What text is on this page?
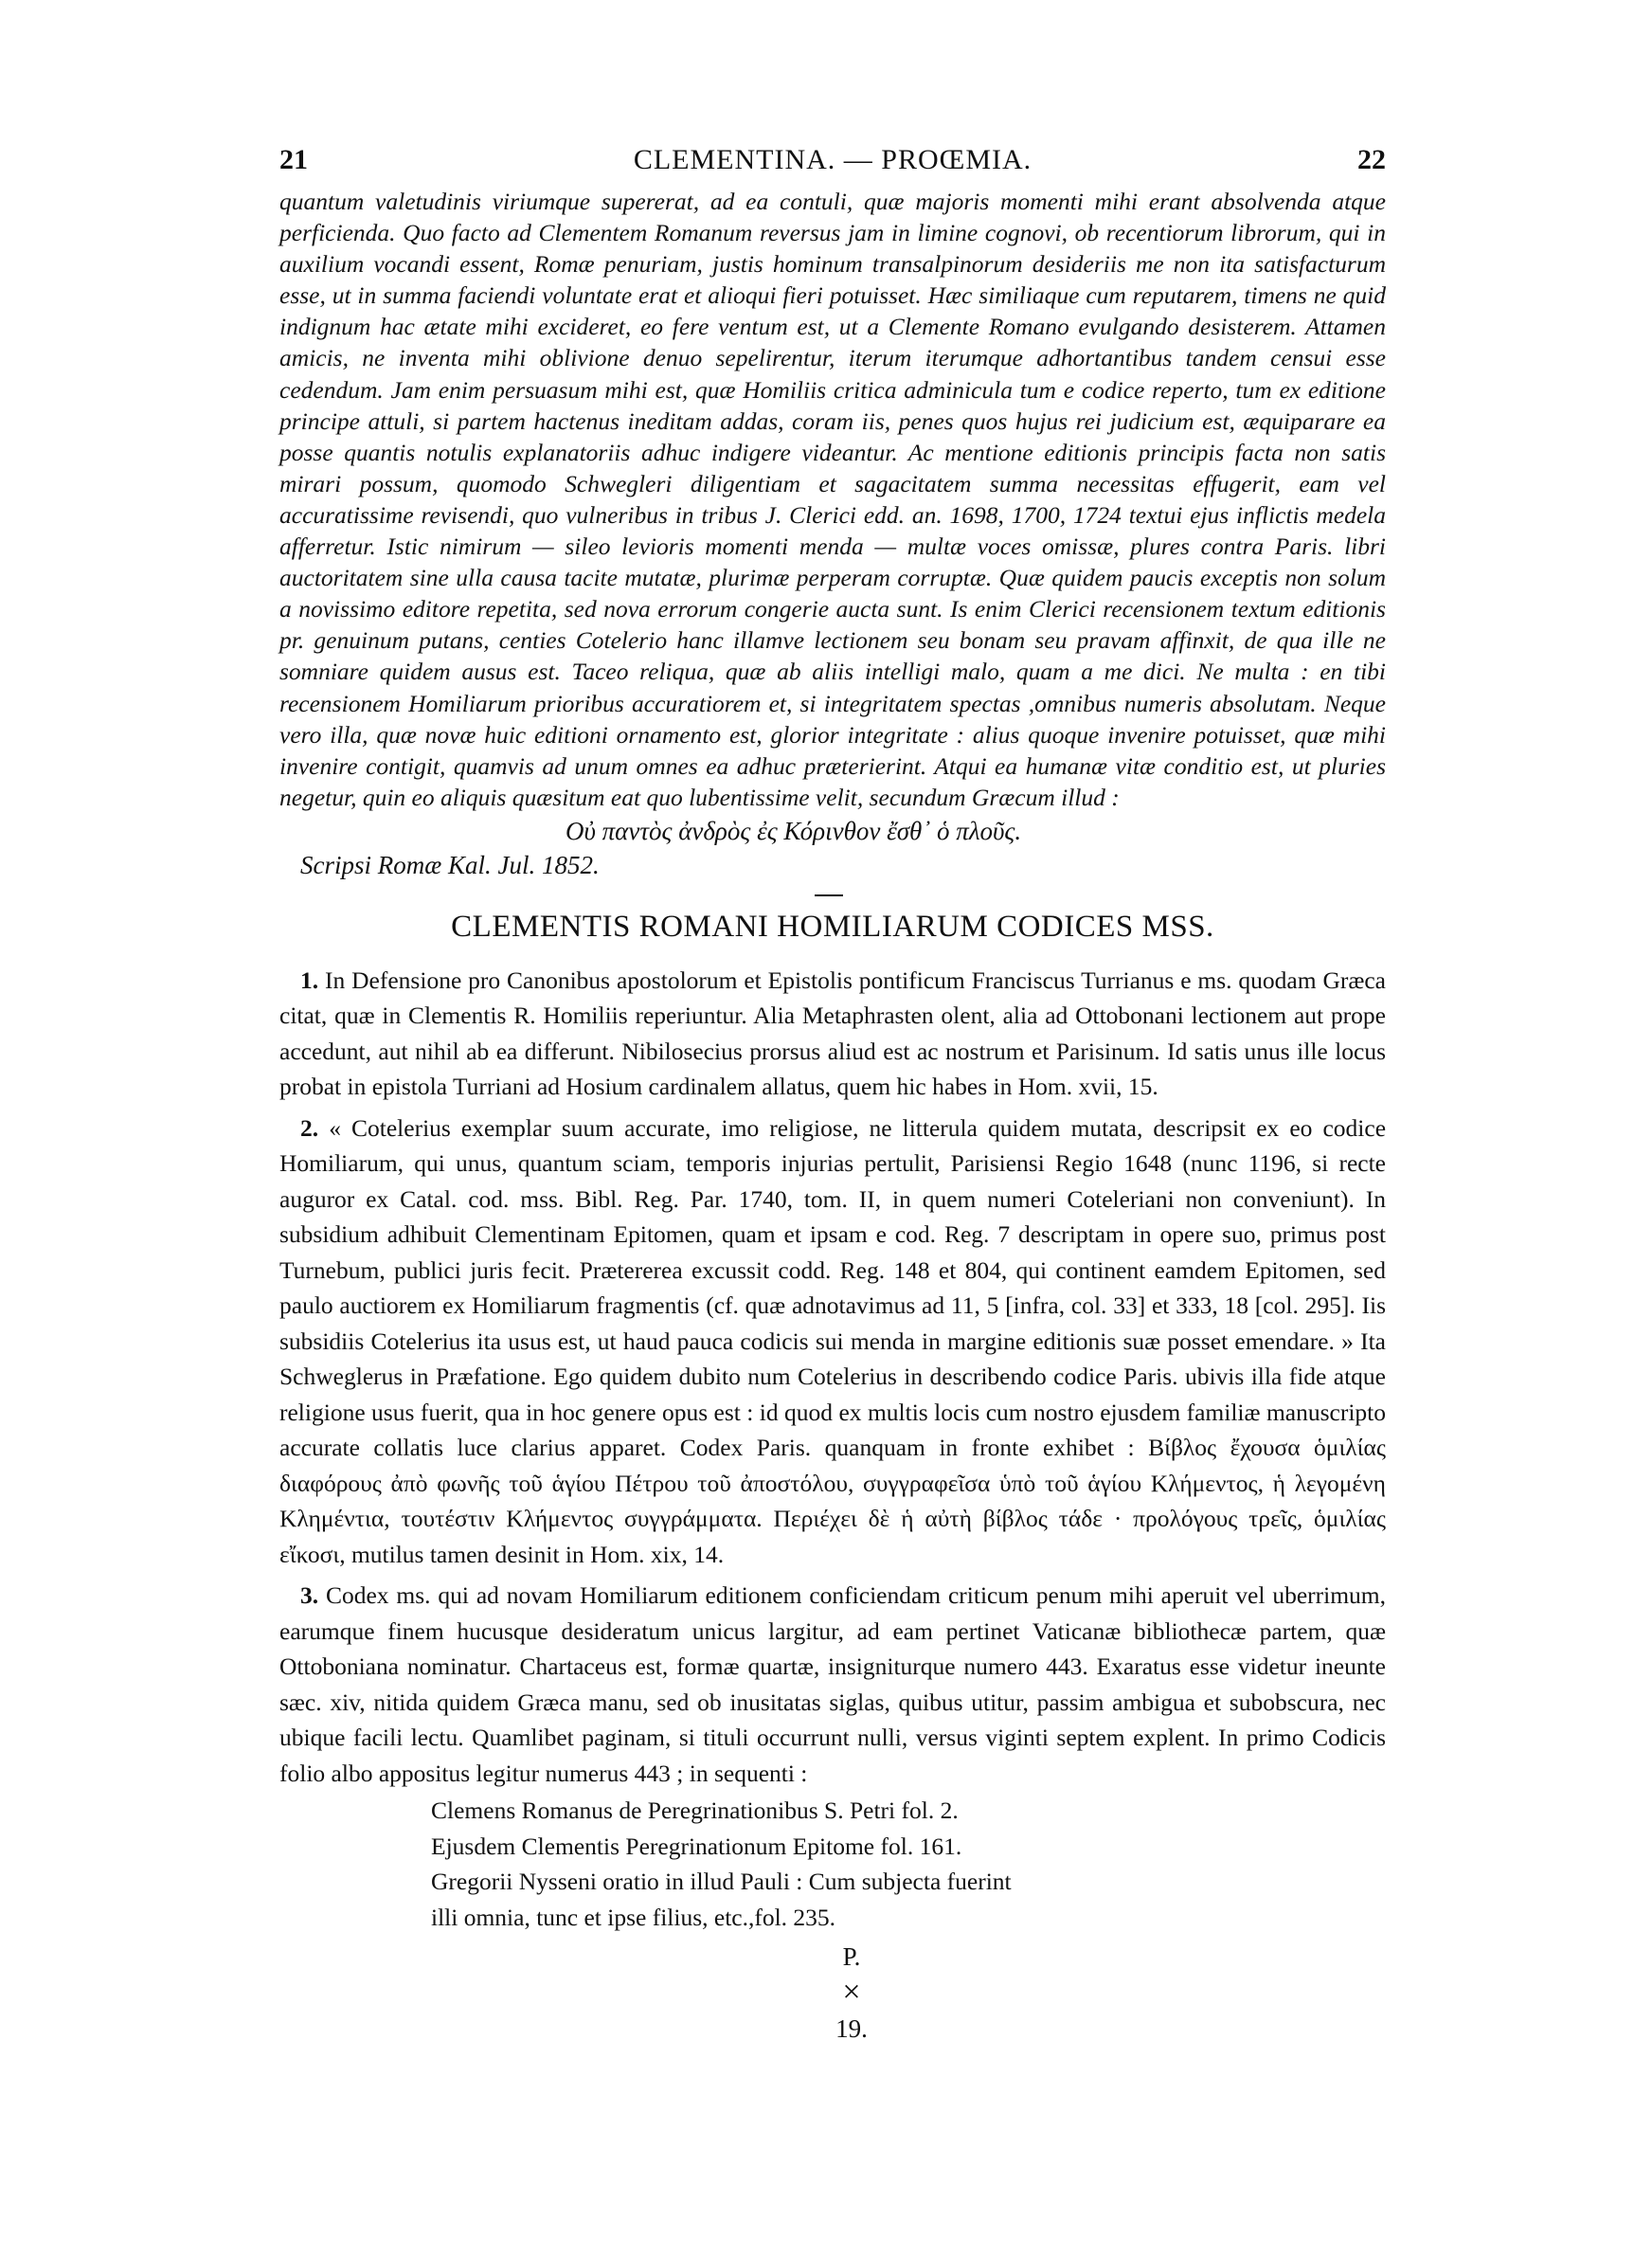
21	CLEMENTINA. — PROŒMIA.	22

quantum valetudinis viriumque supererat, ad ea contuli, quæ majoris momenti mihi erant absolvenda atque perficienda. Quo facto ad Clementem Romanum reversus jam in limine cognovi, ob recentiorum librorum, qui in auxilium vocandi essent, Romæ penuriam, justis hominum transalpinorum desideriis me non ita satisfacturum esse, ut in summa faciendi voluntate erat et alioqui fieri potuisset. Hæc similiaque cum reputarem, timens ne quid indignum hac ætate mihi excideret, eo fere ventum est, ut a Clemente Romano evulgando desisterem. Attamen amicis, ne inventa mihi oblivione denuo sepelirentur, iterum iterumque adhortantibus tandem censui esse cedendum. Jam enim persuasum mihi est, quæ Homiliis critica adminicula tum e codice reperto, tum ex editione principe attuli, si partem hactenus ineditam addas, coram iis, penes quos hujus rei judicium est, æquiparare ea posse quantis notulis explanatoriis adhuc indigere videantur. Ac mentione editionis principis facta non satis mirari possum, quomodo Schwegleri diligentiam et sagacitatem summa necessitas effugerit, eam vel accuratissime revisendi, quo vulneribus in tribus J. Clerici edd. an. 1698, 1700, 1724 textui ejus inflictis medela afferretur. Istic nimirum — sileo levioris momenti menda — multæ voces omissæ, plures contra Paris. libri auctoritatem sine ulla causa tacite mutatæ, plurimæ perperam corruptæ. Quæ quidem paucis exceptis non solum a novissimo editore repetita, sed nova errorum congerie aucta sunt. Is enim Clerici recensionem textum editionis pr. genuinum putans, centies Cotelerio hanc illamve lectionem seu bonam seu pravam affinxit, de qua ille ne somniare quidem ausus est. Taceo reliqua, quæ ab aliis intelligi malo, quam a me dici. Ne multa : en tibi recensionem Homiliarum prioribus accuratiorem et, si integritatem spectas ,omnibus numeris absolutam. Neque vero illa, quæ novæ huic editioni ornamento est, glorior integritate : alius quoque invenire potuisset, quæ mihi invenire contigit, quamvis ad unum omnes ea adhuc præterierint. Atqui ea humanæ vitæ conditio est, ut pluries negetur, quin eo aliquis quæsitum eat quo lubentissime velit, secundum Græcum illud :

Οὐ παντὸς ἀνδρὸς ἐς Κόρινθον ἔσθ᾽ ὁ πλοῦς.
Scripsi Romæ Kal. Jul. 1852.
CLEMENTIS ROMANI HOMILIARUM CODICES MSS.

1. In Defensione pro Canonibus apostolorum et Epistolis pontificum Franciscus Turrianus e ms. quodam Græca citat, quæ in Clementis R. Homiliis reperiuntur. Alia Metaphrasten olent, alia ad Ottobonani lectionem aut prope accedunt, aut nihil ab ea differunt. Nibilosecius prorsus aliud est ac nostrum et Parisinum. Id satis unus ille locus probat in epistola Turriani ad Hosium cardinalem allatus, quem hic habes in Hom. xvii, 15.

2. « Cotelerius exemplar suum accurate, imo religiose, ne litterula quidem mutata, descripsit ex eo codice Homiliarum, qui unus, quantum sciam, temporis injurias pertulit, Parisiensi Regio 1648 (nunc 1196, si recte auguror ex Catal. cod. mss. Bibl. Reg. Par. 1740, tom. II, in quem numeri Coteleriani non conveniunt). In subsidium adhibuit Clementinam Epitomen, quam et ipsam e cod. Reg. 7 descriptam in opere suo, primus post Turnebum, publici juris fecit. Prætererea excussit codd. Reg. 148 et 804, qui continent eamdem Epitomen, sed paulo auctiorem ex Homiliarum fragmentis (cf. quæ adnotavimus ad 11, 5 [infra, col. 33] et 333, 18 [col. 295]. Iis subsidiis Cotelerius ita usus est, ut haud pauca codicis sui menda in margine editionis suæ posset emendare. » Ita Schweglerus in Præfatione. Ego quidem dubito num Cotelerius in describendo codice Paris. ubivis illa fide atque religione usus fuerit, qua in hoc genere opus est : id quod ex multis locis cum nostro ejusdem familiæ manuscripto accurate collatis luce clarius apparet. Codex Paris. quanquam in fronte exhibet : Βίβλος ἔχουσα ὁμιλίας διαφόρους ἀπὸ φωνῆς τοῦ ἁγίου Πέτρου τοῦ ἀποστόλου, συγγραφεῖσα ὑπὸ τοῦ ἁγίου Κλήμεντος, ἡ λεγομένη Κλημέντια, τουτέστιν Κλήμεντος συγγράμματα. Περιέχει δὲ ἡ αὐτὴ βίβλος τάδε · προλόγους τρεῖς, ὁμιλίας εἴκοσι, mutilus tamen desinit in Hom. xix, 14.

3. Codex ms. qui ad novam Homiliarum editionem conficiendam criticum penum mihi aperuit vel uberrimum, earumque finem hucusque desideratum unicus largitur, ad eam pertinet Vaticanæ bibliothecæ partem, quæ Ottoboniana nominatur. Chartaceus est, formæ quartæ, insigniturque numero 443. Exaratus esse videtur ineunte sæc. xiv, nitida quidem Græca manu, sed ob inusitatas siglas, quibus utitur, passim ambigua et subobscura, nec ubique facili lectu. Quamlibet paginam, si tituli occurrunt nulli, versus viginti septem explent. In primo Codicis folio albo appositus legitur numerus 443 ; in sequenti :

Clemens Romanus de Peregrinationibus S. Petri fol. 2.
Ejusdem Clementis Peregrinationum Epitome fol. 161.
Gregorii Nysseni oratio in illud Pauli : Cum subjecta fuerint
illi omnia, tunc et ipse filius, etc.,fol. 235.
P.
×
19.
